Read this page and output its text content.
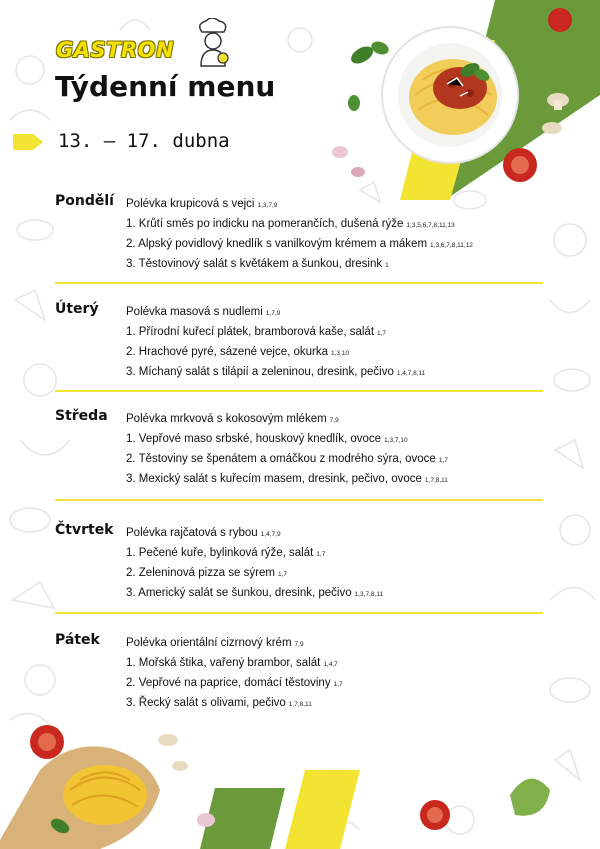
GASTRON
Týdenní menu
13. – 17. dubna
Pondělí Polévka krupicová s vejci 1,3,7,9
1. Krůtí směs po indicku na pomerančích, dušená rýže 1,3,5,6,7,8,11,13
2. Alpský povidlový knedlík s vanilkovým krémem a mákem 1,3,6,7,8,11,12
3. Těstovinový salát s květákem a šunkou, dresink 1
Úterý Polévka masová s nudlemi 1,7,9
1. Přírodní kuřecí plátek, bramborová kaše, salát 1,7
2. Hrachové pyré, sázené vejce, okurka 1,3,10
3. Míchaný salát s tilápií a zeleninou, dresink, pečivo 1,4,7,8,11
Středa Polévka mrkvová s kokosovým mlékem 7,9
1. Vepřové maso srbské, houskový knedlík, ovoce 1,3,7,10
2. Těstoviny se špenátem a omáčkou z modrého sýra, ovoce 1,7
3. Mexický salát s kuřecím masem, dresink, pečivo, ovoce 1,7,8,11
Čtvrtek Polévka rajčatová s rybou 1,4,7,9
1. Pečené kuře, bylinková rýže, salát 1,7
2. Zeleninová pizza se sýrem 1,7
3. Americký salát se šunkou, dresink, pečivo 1,3,7,8,11
Pátek Polévka orientální cizrnový krém 7,9
1. Mořská štika, vařený brambor, salát 1,4,7
2. Vepřové na paprice, domácí těstoviny 1,7
3. Řecký salát s olivami, pečivo 1,7,8,11
